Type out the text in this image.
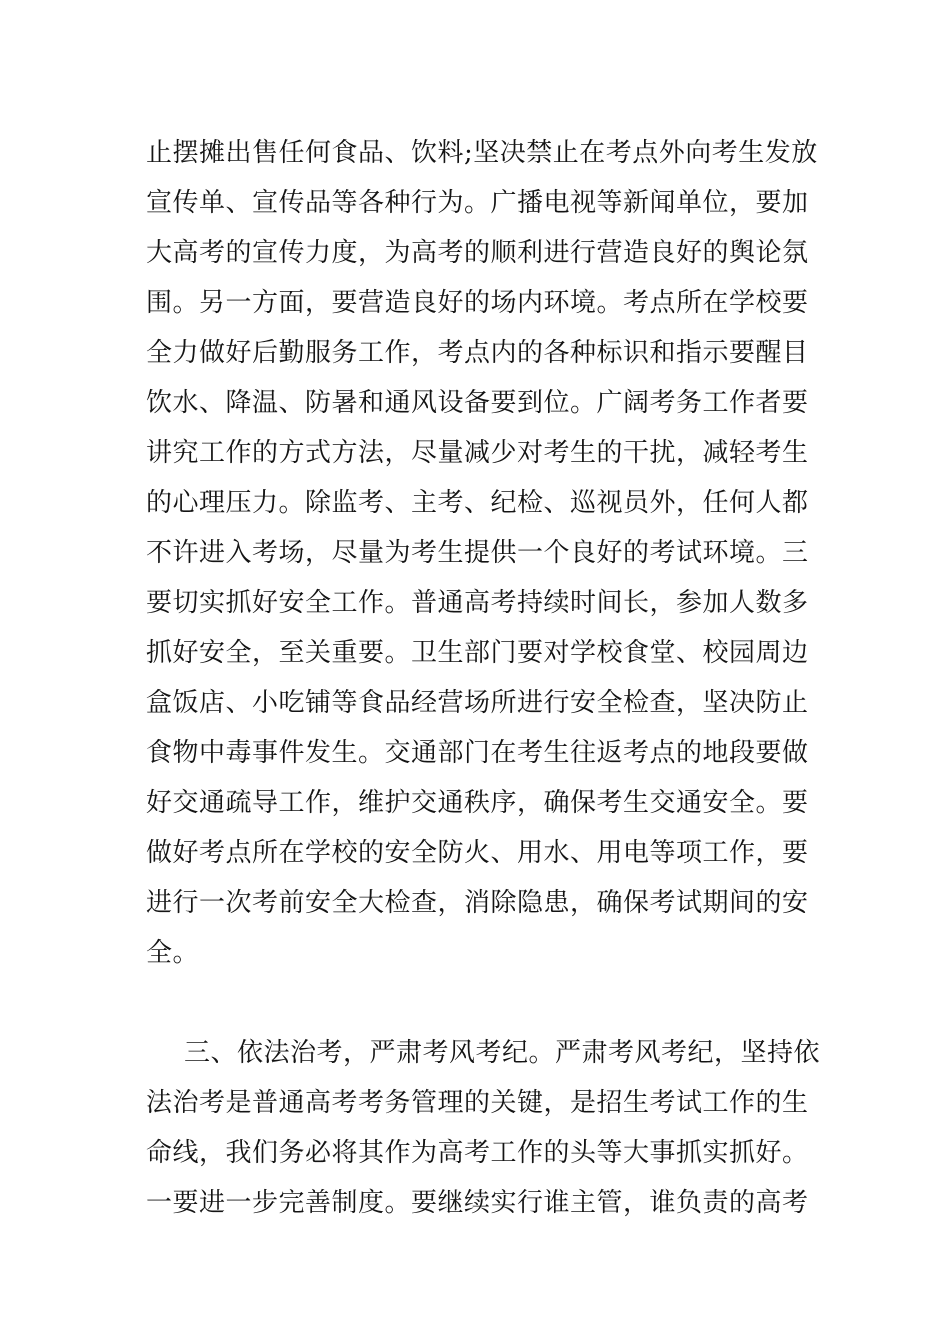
止摆摊出售任何食品、饮料;坚决禁止在考点外向考生发放
宣传单、宣传品等各种行为。广播电视等新闻单位，要加
大高考的宣传力度，为高考的顺利进行营造良好的舆论氛
围。另一方面，要营造良好的场内环境。考点所在学校要
全力做好后勤服务工作，考点内的各种标识和指示要醒目
饮水、降温、防暑和通风设备要到位。广阔考务工作者要
讲究工作的方式方法，尽量减少对考生的干扰，减轻考生
的心理压力。除监考、主考、纪检、巡视员外，任何人都
不许进入考场，尽量为考生提供一个良好的考试环境。三
要切实抓好安全工作。普通高考持续时间长，参加人数多
抓好安全，至关重要。卫生部门要对学校食堂、校园周边
盒饭店、小吃铺等食品经营场所进行安全检查，坚决防止
食物中毒事件发生。交通部门在考生往返考点的地段要做
好交通疏导工作，维护交通秩序，确保考生交通安全。要
做好考点所在学校的安全防火、用水、用电等项工作，要
进行一次考前安全大检查，消除隐患，确保考试期间的安
全。
三、依法治考，严肃考风考纪。严肃考风考纪，坚持依
法治考是普通高考考务管理的关键，是招生考试工作的生
命线，我们务必将其作为高考工作的头等大事抓实抓好。
一要进一步完善制度。要继续实行谁主管，谁负责的高考
